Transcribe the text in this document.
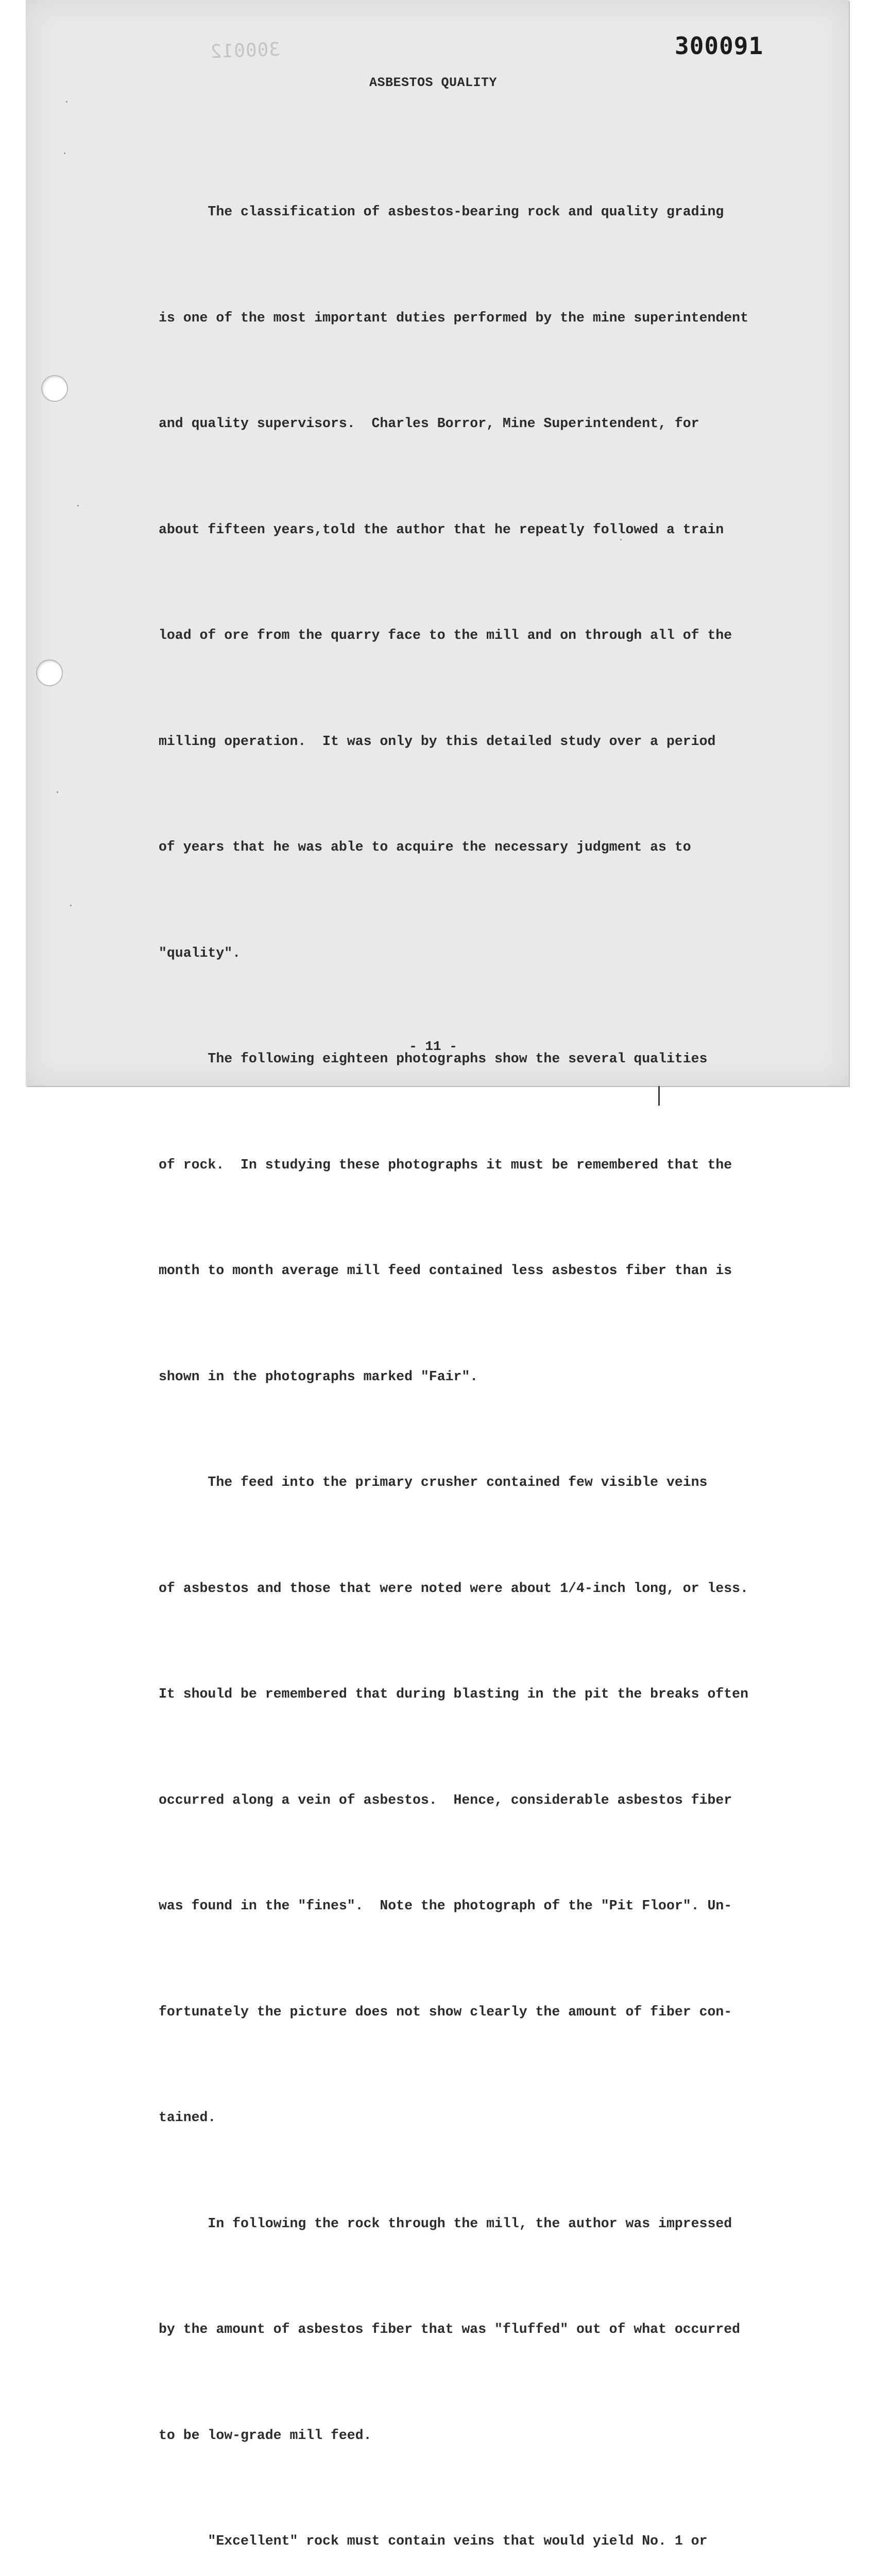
300012	300091
ASBESTOS QUALITY

The classification of asbestos-bearing rock and quality grading

is one of the most important duties performed by the mine superintendent

and quality supervisors.  Charles Borror, Mine Superintendent, for

about fifteen years,told the author that he repeatly followed a train

load of ore from the quarry face to the mill and on through all of the

milling operation.  It was only by this detailed study over a period

of years that he was able to acquire the necessary judgment as to

"quality".

The following eighteen photographs show the several qualities

of rock.  In studying these photographs it must be remembered that the

month to month average mill feed contained less asbestos fiber than is

shown in the photographs marked "Fair".

The feed into the primary crusher contained few visible veins

of asbestos and those that were noted were about 1/4-inch long, or less.

It should be remembered that during blasting in the pit the breaks often

occurred along a vein of asbestos.  Hence, considerable asbestos fiber

was found in the "fines".  Note the photograph of the "Pit Floor". Un-

fortunately the picture does not show clearly the amount of fiber con-

tained.

In following the rock through the mill, the author was impressed

by the amount of asbestos fiber that was "fluffed" out of what occurred

to be low-grade mill feed.

"Excellent" rock must contain veins that would yield No. 1 or

- 11 -
